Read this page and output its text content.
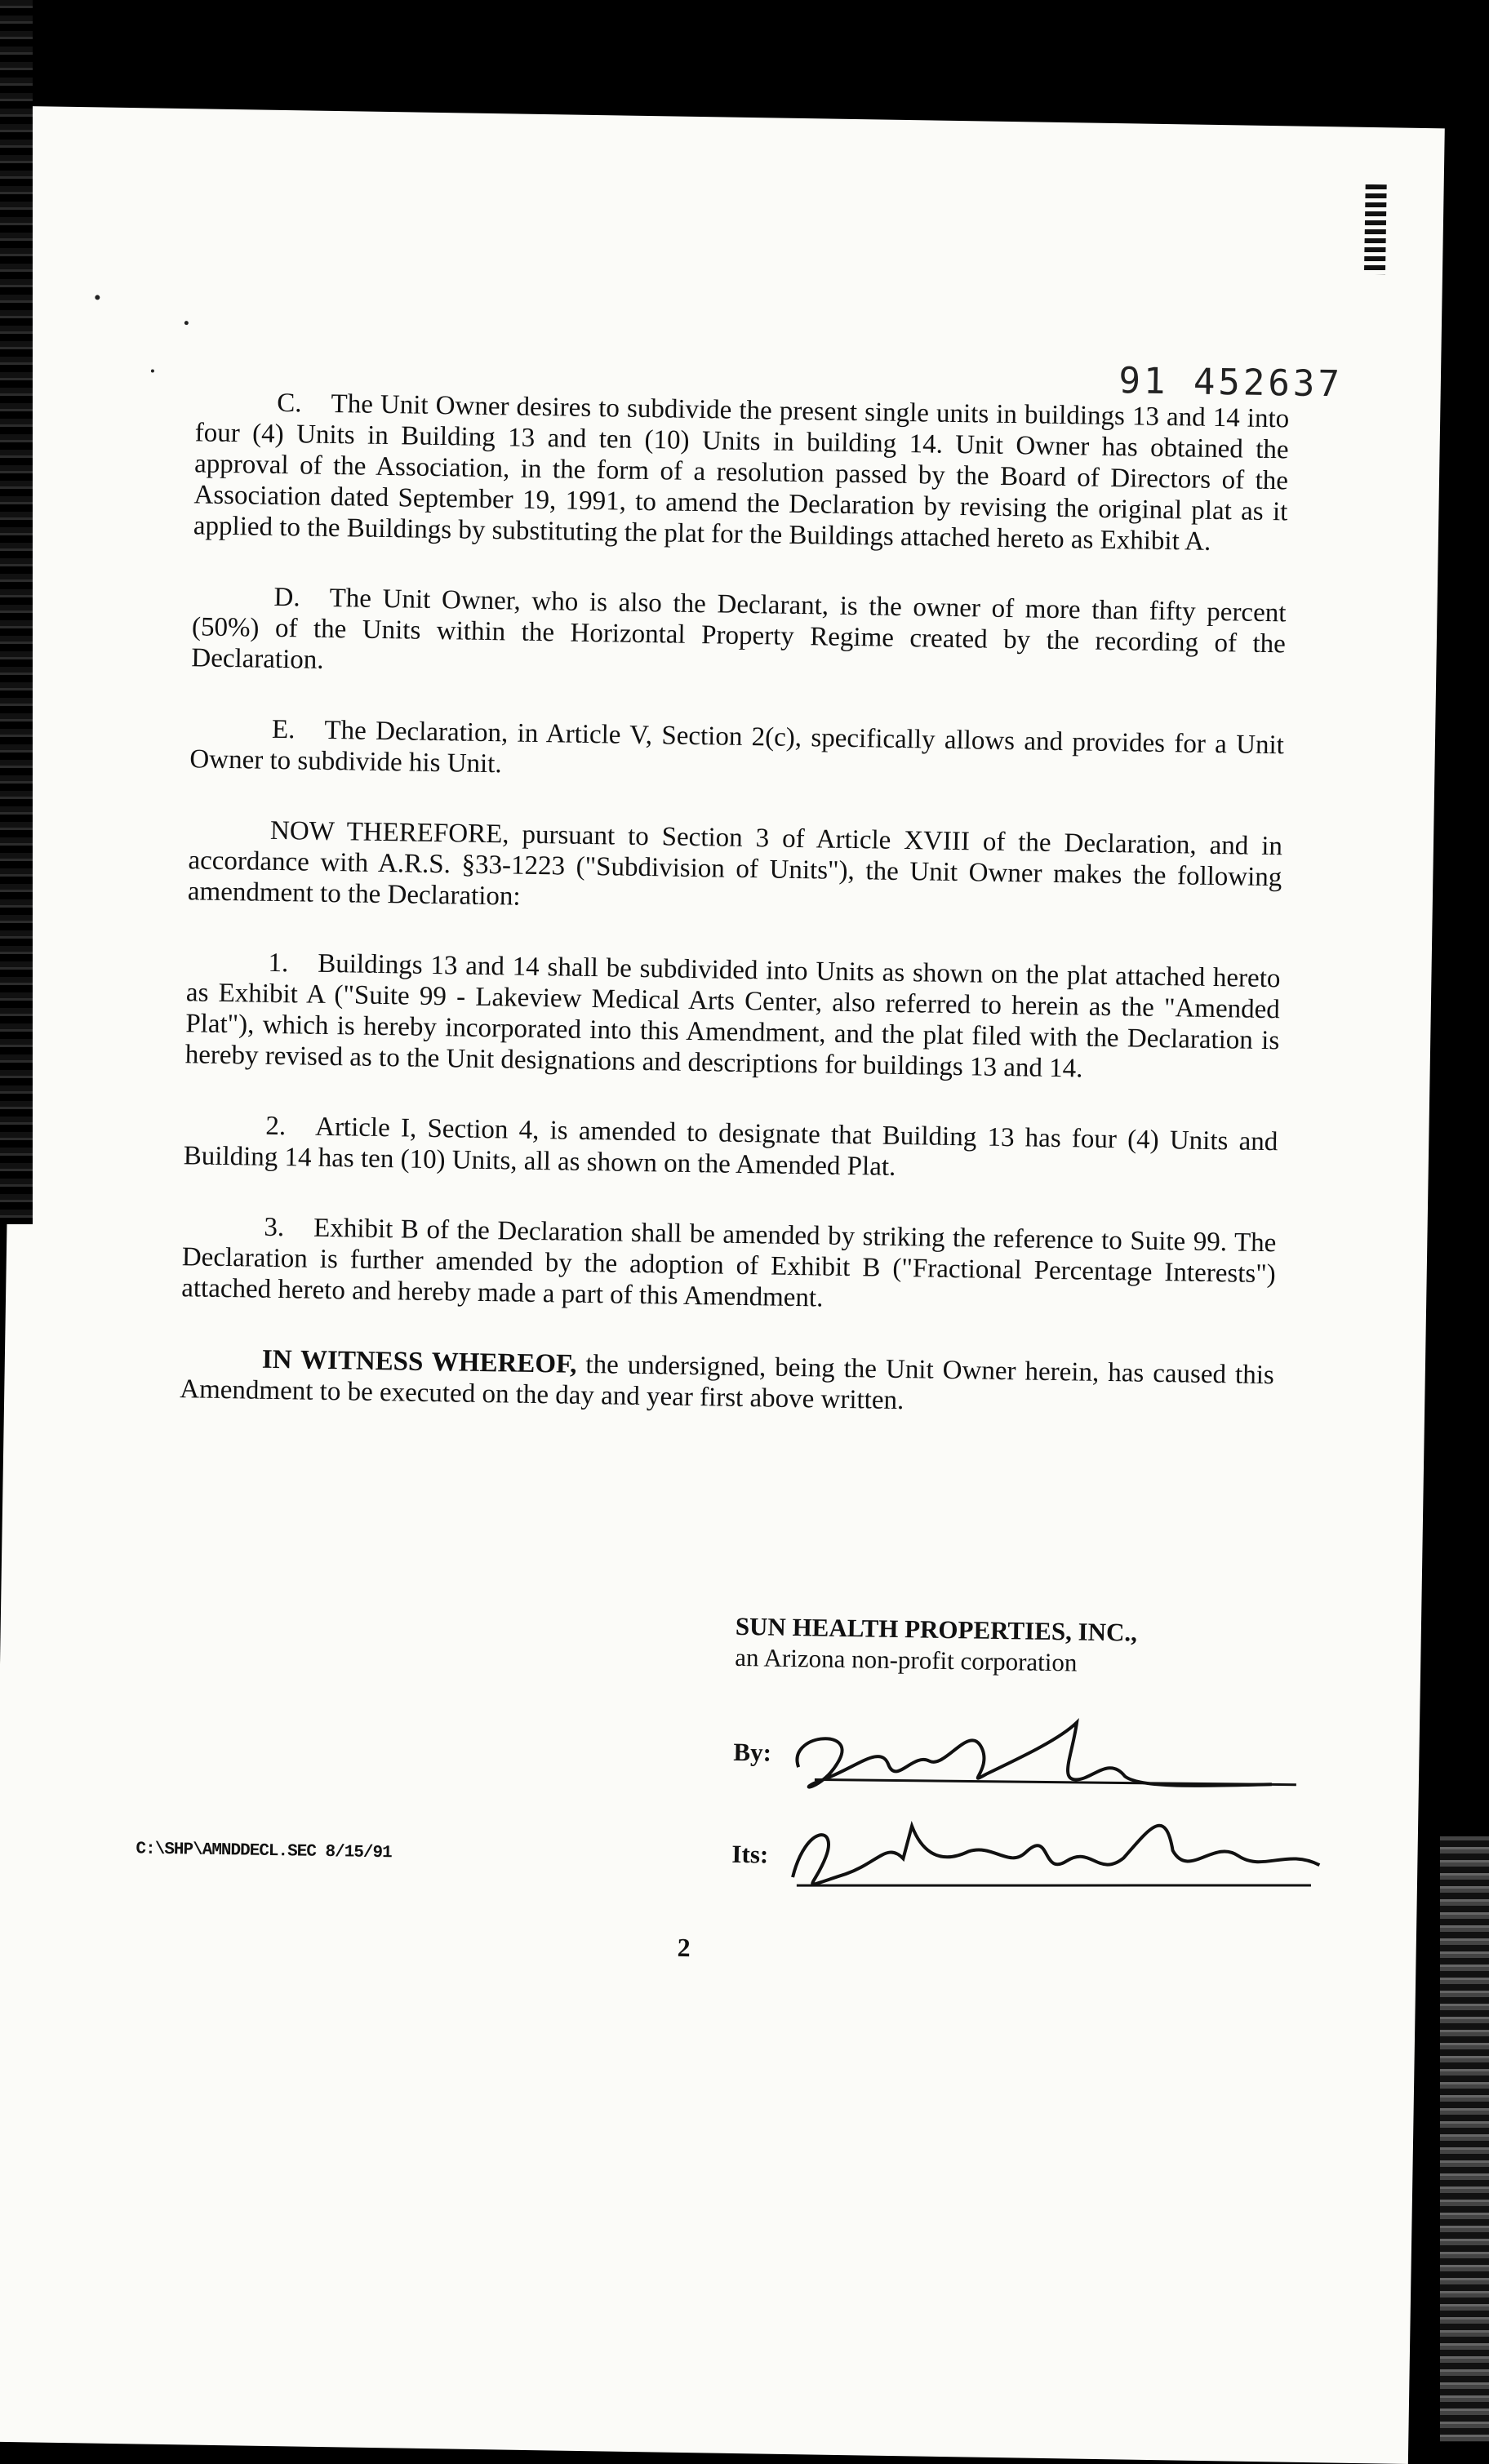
91 452637

C. The Unit Owner desires to subdivide the present single units in buildings 13 and 14 into four (4) Units in Building 13 and ten (10) Units in building 14. Unit Owner has obtained the approval of the Association, in the form of a resolution passed by the Board of Directors of the Association dated September 19, 1991, to amend the Declaration by revising the original plat as it applied to the Buildings by substituting the plat for the Buildings attached hereto as Exhibit A.

D. The Unit Owner, who is also the Declarant, is the owner of more than fifty percent (50%) of the Units within the Horizontal Property Regime created by the recording of the Declaration.

E. The Declaration, in Article V, Section 2(c), specifically allows and provides for a Unit Owner to subdivide his Unit.

NOW THEREFORE, pursuant to Section 3 of Article XVIII of the Declaration, and in accordance with A.R.S. §33-1223 ("Subdivision of Units"), the Unit Owner makes the following amendment to the Declaration:

1. Buildings 13 and 14 shall be subdivided into Units as shown on the plat attached hereto as Exhibit A ("Suite 99 - Lakeview Medical Arts Center, also referred to herein as the "Amended Plat"), which is hereby incorporated into this Amendment, and the plat filed with the Declaration is hereby revised as to the Unit designations and descriptions for buildings 13 and 14.

2. Article I, Section 4, is amended to designate that Building 13 has four (4) Units and Building 14 has ten (10) Units, all as shown on the Amended Plat.

3. Exhibit B of the Declaration shall be amended by striking the reference to Suite 99. The Declaration is further amended by the adoption of Exhibit B ("Fractional Percentage Interests") attached hereto and hereby made a part of this Amendment.

IN WITNESS WHEREOF, the undersigned, being the Unit Owner herein, has caused this Amendment to be executed on the day and year first above written.

SUN HEALTH PROPERTIES, INC.,
an Arizona non-profit corporation
By:
Its:
C:\SHP\AMNDDECL.SEC 8/15/91
2
